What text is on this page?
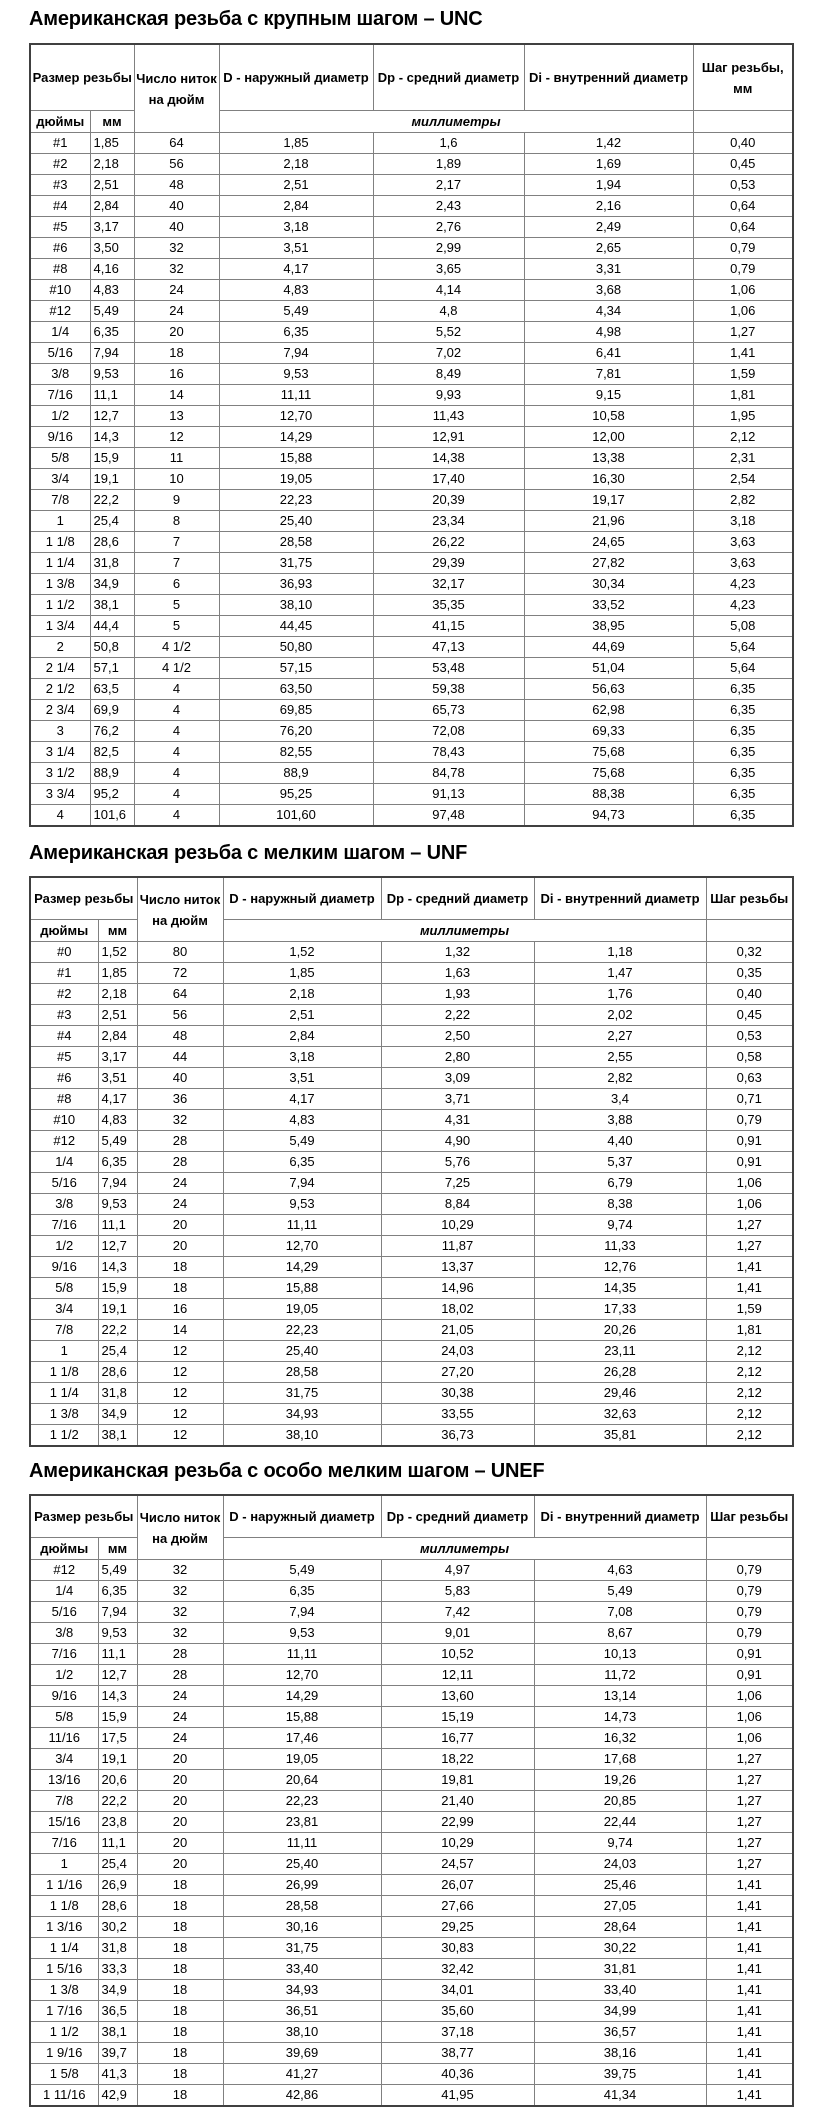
Американская резьба с крупным шагом – UNC
Размер резьбы		Число ниток на дюйм	D - наружный диаметр	Dp - средний диаметр	Di - внутренний диаметр	Шаг резьбы, мм
дюймы	мм		миллиметры			
#1	1,85	64	1,85	1,6	1,42	0,40
#2	2,18	56	2,18	1,89	1,69	0,45
#3	2,51	48	2,51	2,17	1,94	0,53
#4	2,84	40	2,84	2,43	2,16	0,64
#5	3,17	40	3,18	2,76	2,49	0,64
#6	3,50	32	3,51	2,99	2,65	0,79
#8	4,16	32	4,17	3,65	3,31	0,79
#10	4,83	24	4,83	4,14	3,68	1,06
#12	5,49	24	5,49	4,8	4,34	1,06
1/4	6,35	20	6,35	5,52	4,98	1,27
5/16	7,94	18	7,94	7,02	6,41	1,41
3/8	9,53	16	9,53	8,49	7,81	1,59
7/16	11,1	14	11,11	9,93	9,15	1,81
1/2	12,7	13	12,70	11,43	10,58	1,95
9/16	14,3	12	14,29	12,91	12,00	2,12
5/8	15,9	11	15,88	14,38	13,38	2,31
3/4	19,1	10	19,05	17,40	16,30	2,54
7/8	22,2	9	22,23	20,39	19,17	2,82
1	25,4	8	25,40	23,34	21,96	3,18
1 1/8	28,6	7	28,58	26,22	24,65	3,63
1 1/4	31,8	7	31,75	29,39	27,82	3,63
1 3/8	34,9	6	36,93	32,17	30,34	4,23
1 1/2	38,1	5	38,10	35,35	33,52	4,23
1 3/4	44,4	5	44,45	41,15	38,95	5,08
2	50,8	4 1/2	50,80	47,13	44,69	5,64
2 1/4	57,1	4 1/2	57,15	53,48	51,04	5,64
2 1/2	63,5	4	63,50	59,38	56,63	6,35
2 3/4	69,9	4	69,85	65,73	62,98	6,35
3	76,2	4	76,20	72,08	69,33	6,35
3 1/4	82,5	4	82,55	78,43	75,68	6,35
3 1/2	88,9	4	88,9	84,78	75,68	6,35
3 3/4	95,2	4	95,25	91,13	88,38	6,35
4	101,6	4	101,60	97,48	94,73	6,35
Американская резьба с мелким шагом – UNF
Размер резьбы		Число ниток на дюйм	D - наружный диаметр	Dp - средний диаметр	Di - внутренний диаметр	Шаг резьбы
дюймы	мм		миллиметры			
#0	1,52	80	1,52	1,32	1,18	0,32
#1	1,85	72	1,85	1,63	1,47	0,35
#2	2,18	64	2,18	1,93	1,76	0,40
#3	2,51	56	2,51	2,22	2,02	0,45
#4	2,84	48	2,84	2,50	2,27	0,53
#5	3,17	44	3,18	2,80	2,55	0,58
#6	3,51	40	3,51	3,09	2,82	0,63
#8	4,17	36	4,17	3,71	3,4	0,71
#10	4,83	32	4,83	4,31	3,88	0,79
#12	5,49	28	5,49	4,90	4,40	0,91
1/4	6,35	28	6,35	5,76	5,37	0,91
5/16	7,94	24	7,94	7,25	6,79	1,06
3/8	9,53	24	9,53	8,84	8,38	1,06
7/16	11,1	20	11,11	10,29	9,74	1,27
1/2	12,7	20	12,70	11,87	11,33	1,27
9/16	14,3	18	14,29	13,37	12,76	1,41
5/8	15,9	18	15,88	14,96	14,35	1,41
3/4	19,1	16	19,05	18,02	17,33	1,59
7/8	22,2	14	22,23	21,05	20,26	1,81
1	25,4	12	25,40	24,03	23,11	2,12
1 1/8	28,6	12	28,58	27,20	26,28	2,12
1 1/4	31,8	12	31,75	30,38	29,46	2,12
1 3/8	34,9	12	34,93	33,55	32,63	2,12
1 1/2	38,1	12	38,10	36,73	35,81	2,12
Американская резьба с особо мелким шагом – UNEF
Размер резьбы		Число ниток на дюйм	D - наружный диаметр	Dp - средний диаметр	Di - внутренний диаметр	Шаг резьбы
дюймы	мм		миллиметры			
#12	5,49	32	5,49	4,97	4,63	0,79
1/4	6,35	32	6,35	5,83	5,49	0,79
5/16	7,94	32	7,94	7,42	7,08	0,79
3/8	9,53	32	9,53	9,01	8,67	0,79
7/16	11,1	28	11,11	10,52	10,13	0,91
1/2	12,7	28	12,70	12,11	11,72	0,91
9/16	14,3	24	14,29	13,60	13,14	1,06
5/8	15,9	24	15,88	15,19	14,73	1,06
11/16	17,5	24	17,46	16,77	16,32	1,06
3/4	19,1	20	19,05	18,22	17,68	1,27
13/16	20,6	20	20,64	19,81	19,26	1,27
7/8	22,2	20	22,23	21,40	20,85	1,27
15/16	23,8	20	23,81	22,99	22,44	1,27
7/16	11,1	20	11,11	10,29	9,74	1,27
1	25,4	20	25,40	24,57	24,03	1,27
1 1/16	26,9	18	26,99	26,07	25,46	1,41
1 1/8	28,6	18	28,58	27,66	27,05	1,41
1 3/16	30,2	18	30,16	29,25	28,64	1,41
1 1/4	31,8	18	31,75	30,83	30,22	1,41
1 5/16	33,3	18	33,40	32,42	31,81	1,41
1 3/8	34,9	18	34,93	34,01	33,40	1,41
1 7/16	36,5	18	36,51	35,60	34,99	1,41
1 1/2	38,1	18	38,10	37,18	36,57	1,41
1 9/16	39,7	18	39,69	38,77	38,16	1,41
1 5/8	41,3	18	41,27	40,36	39,75	1,41
1 11/16	42,9	18	42,86	41,95	41,34	1,41
